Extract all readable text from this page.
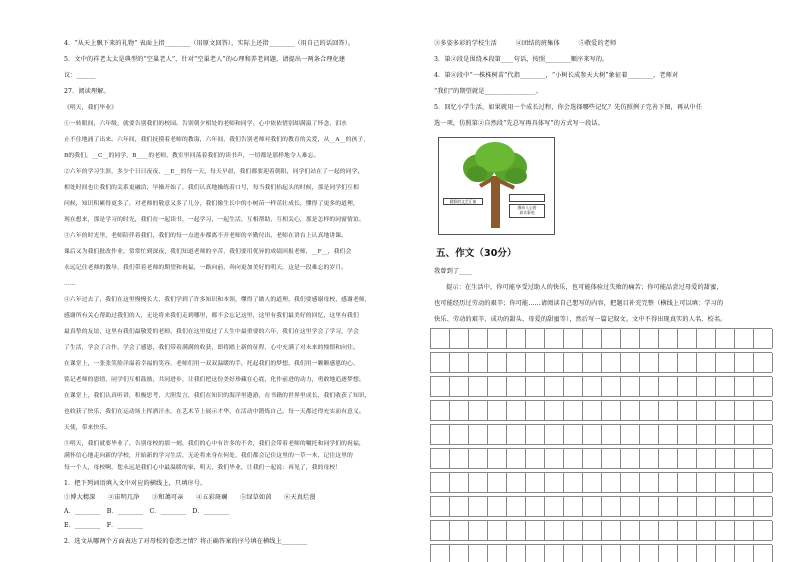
4．“从天上飘下来的礼物” 表面上指________（用原文回答），实际上还指________（用自己的话回答）。
5．文中的祥老太太是典型的“空巢老人”，针对“空巢老人”的心理和养老问题，请提出一两条合理化建
议：______
27．阅读理解。
《明天，我们毕业》
①一转眼间，六年级，就要告别我们的校园。告别朝夕相处的老师和同学。心中依依惜别却满溢了怀念，泪水
止不住地涌了出来。六年间，我们抚摸着老师的教诲，六年间，我们告别老师对我们的教育的关爱，从__A__的孩子，
B的我们，__C__的同学，B____的老师，教室里回荡着我们的读书声，一切都是那样地令人难忘。
②六年的学习生涯，多少个日日夜夜，__E__的每一天，每天早晨，我们都要迎着朝阳，同学们站在了一起的同学，
相处时间也让我们的关系更融洽，早操开始了，我们认真地操练着口号，每当我们抬起头的时候，那是同学们互相
问候，知识积累得更多了，对老师的敬意又多了几分，我们像生长中的小树苗一样茁壮成长，懂得了更多的道理，
现在想来，那是学习的时光，我们在一起读书，一起学习，一起生活，互相帮助，互相关心，那是怎样的同窗情谊。
③六年的时光里，老师陪伴着我们，我们的每一点进步都离不开老师的辛勤付出，老师在讲台上认真地讲课，
课后又为我们批改作业，常常忙到深夜，我们知道老师的辛苦，我们要用优异的成绩回报老师，__F__，我们会
永远记住老师的教导，我们带着老师的期望和祝福，一路向前，奔向更加美好的明天，这是一段难忘的岁月。
……
④六年过去了，我们在这里慢慢长大，我们学到了许多知识和本领，懂得了做人的道理，我们要感谢母校，感谢老师，
感谢所有关心帮助过我们的人，无论将来我们走到哪里，都不会忘记这里，这里有我们最美好的回忆，这里有我们
最真挚的友谊，这里有我们最敬爱的老师，我们在这里度过了人生中最重要的六年，我们在这里学会了学习，学会
了生活，学会了合作，学会了感恩，我们带着满满的收获，即将踏上新的征程，心中充满了对未来的憧憬和向往。
在课堂上，一张张笑脸洋溢着幸福的笑容，老师们用一双双温暖的手，托起我们的梦想，我们用一颗颗感恩的心，
铭记老师的恩情，同学们互相鼓励，共同进步，让我们把这份美好珍藏在心底，化作前进的动力，勇敢地追逐梦想。
在课堂上，我们认真听讲，积极思考，大胆发言，我们在知识的海洋里遨游，在书籍的世界里成长，我们收获了知识，
也收获了快乐，我们在运动场上挥洒汗水，在艺术节上展示才华，在活动中锻炼自己，每一天都过得充实而有意义。
天使，带来快乐。
⑤明天，我们就要毕业了，告别母校的那一刻，我们的心中有许多的不舍，我们会带着老师的嘱托和同学们的祝福，
满怀信心地走向新的学校，开始新的学习生活，无论将来身在何处，我们都会记住这里的一草一木，记住这里的
每一个人，母校啊，您永远是我们心中最温暖的家，明天，我们毕业，让我们一起说：再见了，我的母校！
1．把下列词语填入文中对应的横线上，只填序号。
①博大精深　　②宙明几净　　③和蔼可亲　　④五彩斑斓　　⑤绿草如茵　　⑥天真烂漫
A．________　B．________　C．________　D．________
E．________　F．________
2．选文从哪两个方面表达了对母校的眷恋之情？将正确答案的序号填在横线上________
③多姿多彩的学校生活　　　④团结的班集体　　　⑤敬爱的老师
3．第②段是围绕本段第____句话，按照________顺序来写的。
4．第④段中“一株株树苗”代指________，“小树长成参天大树”象征着________，老师对
“我们”的期望就是________________。
5．回忆小学生活，如果就用一个成长过程，你会选择哪些记忆？先仿照例子完善下图，再从中任
选一项，仿照第②自然段“先总写再具体写”的方式写一段话。
精彩的文艺汇演
感动人心的
真实事迹
五、作文（30分）
我曾到了____
提示：在生活中，你可能享受过助人的快乐，也可能体验过失败的痛苦；你可能品尝过母爱的甜蜜，
也可能经历过劳动的艰辛；你可能……请阅读自己想写的内容，把题目补充完整（横线上可以填：学习的
快乐、劳动的艰辛、成功的甜头、母爱的甜蜜等），然后写一篇记叙文。文中不得出现真实的人名、校名。
